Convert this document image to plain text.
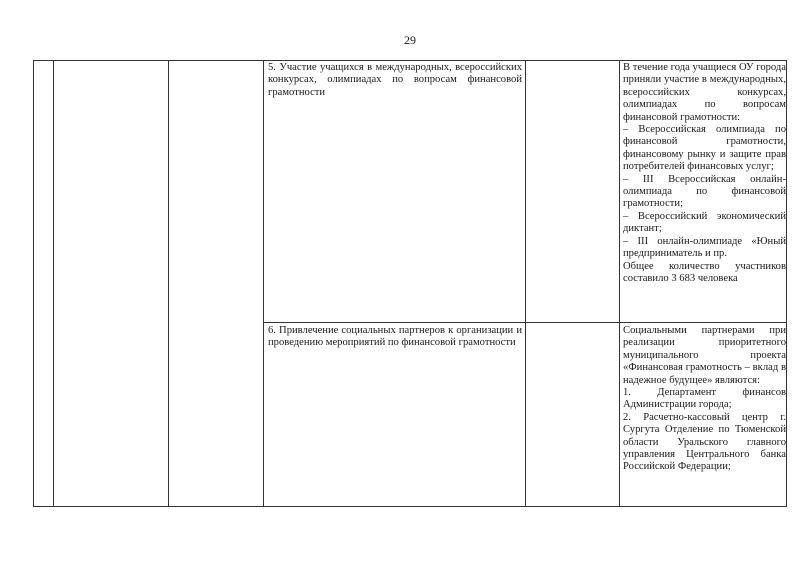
29

5. Участие учащихся в международных, всероссийских конкурсах, олимпиадах по вопросам финансовой грамотности

В течение года учащиеся ОУ города приняли участие в международных, всероссийских конкурсах, олимпиадах по вопросам финансовой грамотности:

– Всероссийская олимпиада по финансовой грамотности, финансовому рынку и защите прав потребителей финансовых услуг;

– III Всероссийская онлайн-олимпиада по финансовой грамотности;

– Всероссийский экономический диктант;

– III онлайн-олимпиаде «Юный предприниматель и пр.

Общее количество участников составило 3 683 человека

6. Привлечение социальных партнеров к организации и проведению мероприятий по финансовой грамотности

Социальными партнерами при реализации приоритетного муниципального проекта «Финансовая грамотность – вклад в надежное будущее» являются:

1. Департамент финансов Администрации города;

2. Расчетно-кассовый центр г. Сургута Отделение по Тюменской области Уральского главного управления Центрального банка Российской Федерации;
